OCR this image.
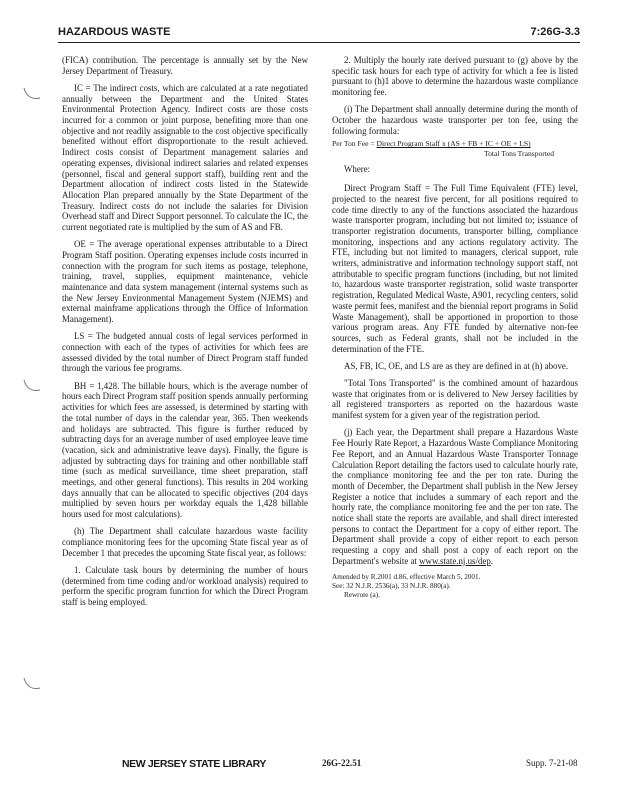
HAZARDOUS WASTE	7:26G-3.3

(FICA) contribution. The percentage is annually set by the New Jersey Department of Treasury.

IC = The indirect costs, which are calculated at a rate negotiated annually between the Department and the United States Environmental Protection Agency. Indirect costs are those costs incurred for a common or joint purpose, benefiting more than one objective and not readily assignable to the cost objective specifically benefited without effort disproportionate to the result achieved. Indirect costs consist of Department management salaries and operating expenses, divisional indirect salaries and related expenses (personnel, fiscal and general support staff), building rent and the Department allocation of indirect costs listed in the Statewide Allocation Plan prepared annually by the State Department of the Treasury. Indirect costs do not include the salaries for Division Overhead staff and Direct Support personnel. To calculate the IC, the current negotiated rate is multiplied by the sum of AS and FB.

OE = The average operational expenses attributable to a Direct Program Staff position. Operating expenses include costs incurred in connection with the program for such items as postage, telephone, training, travel, supplies, equipment maintenance, vehicle maintenance and data system management (internal systems such as the New Jersey Environmental Management System (NJEMS) and external mainframe applications through the Office of Information Management).

LS = The budgeted annual costs of legal services performed in connection with each of the types of activities for which fees are assessed divided by the total number of Direct Program staff funded through the various fee programs.

BH = 1,428. The billable hours, which is the average number of hours each Direct Program staff position spends annually performing activities for which fees are assessed, is determined by starting with the total number of days in the calendar year, 365. Then weekends and holidays are subtracted. This figure is further reduced by subtracting days for an average number of used employee leave time (vacation, sick and administrative leave days). Finally, the figure is adjusted by subtracting days for training and other nonbillable staff time (such as medical surveillance, time sheet preparation, staff meetings, and other general functions). This results in 204 working days annually that can be allocated to specific objectives (204 days multiplied by seven hours per workday equals the 1,428 billable hours used for most calculations).

(h) The Department shall calculate hazardous waste facility compliance monitoring fees for the upcoming State fiscal year as of December 1 that precedes the upcoming State fiscal year, as follows:

1. Calculate task hours by determining the number of hours (determined from time coding and/or workload analysis) required to perform the specific program function for which the Direct Program staff is being employed.

2. Multiply the hourly rate derived pursuant to (g) above by the specific task hours for each type of activity for which a fee is listed pursuant to (h)1 above to determine the hazardous waste compliance monitoring fee.

(i) The Department shall annually determine during the month of October the hazardous waste transporter per ton fee, using the following formula:

Per Ton Fee = Direct Program Staff x (AS + FB + IC + OE + LS)
Total Tons Transported
Where:

Direct Program Staff = The Full Time Equivalent (FTE) level, projected to the nearest five percent, for all positions required to code time directly to any of the functions associated the hazardous waste transporter program, including but not limited to; issuance of transporter registration documents, transporter billing, compliance monitoring, inspections and any actions regulatory activity. The FTE, including but not limited to managers, clerical support, rule writers, administrative and information technology support staff, not attributable to specific program functions (including, but not limited to, hazardous waste transporter registration, solid waste transporter registration, Regulated Medical Waste, A901, recycling centers, solid waste permit fees, manifest and the biennial report programs in Solid Waste Management), shall be apportioned in proportion to those various program areas. Any FTE funded by alternative non-fee sources, such as Federal grants, shall not be included in the determination of the FTE.

AS, FB, IC, OE, and LS are as they are defined in at (h) above.

"Total Tons Transported" is the combined amount of hazardous waste that originates from or is delivered to New Jersey facilities by all registered transporters as reported on the hazardous waste manifest system for a given year of the registration period.

(j) Each year, the Department shall prepare a Hazardous Waste Fee Hourly Rate Report, a Hazardous Waste Compliance Monitoring Fee Report, and an Annual Hazardous Waste Transporter Tonnage Calculation Report detailing the factors used to calculate hourly rate, the compliance monitoring fee and the per ton rate. During the month of December, the Department shall publish in the New Jersey Register a notice that includes a summary of each report and the hourly rate, the compliance monitoring fee and the per ton rate. The notice shall state the reports are available, and shall direct interested persons to contact the Department for a copy of either report. The Department shall provide a copy of either report to each person requesting a copy and shall post a copy of each report on the Department's website at www.state.nj.us/dep.

Amended by R.2001 d.86, effective March 5, 2001.
See: 32 N.J.R. 2536(a), 33 N.J.R. 880(a).
Rewrote (a).
NEW JERSEY STATE LIBRARY	26G-22.51	Supp. 7-21-08
